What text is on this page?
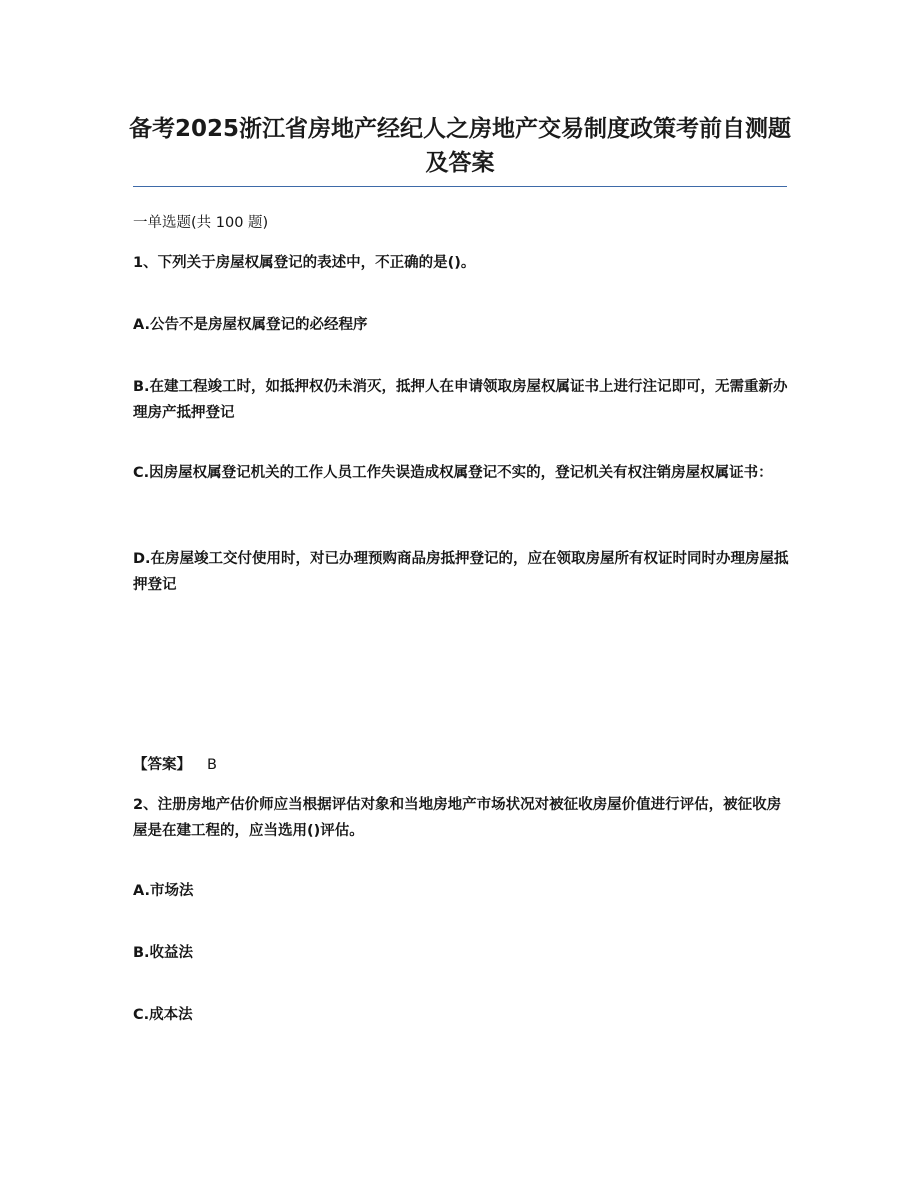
备考2025浙江省房地产经纪人之房地产交易制度政策考前自测题及答案
一单选题(共 100 题)
1、下列关于房屋权属登记的表述中，不正确的是()。
A.公告不是房屋权属登记的必经程序
B.在建工程竣工时，如抵押权仍未消灭，抵押人在申请领取房屋权属证书上进行注记即可，无需重新办理房产抵押登记
C.因房屋权属登记机关的工作人员工作失误造成权属登记不实的，登记机关有权注销房屋权属证书：
D.在房屋竣工交付使用时，对已办理预购商品房抵押登记的，应在领取房屋所有权证时同时办理房屋抵押登记
【答案】 B
2、注册房地产估价师应当根据评估对象和当地房地产市场状况对被征收房屋价值进行评估，被征收房屋是在建工程的，应当选用()评估。
A.市场法
B.收益法
C.成本法
